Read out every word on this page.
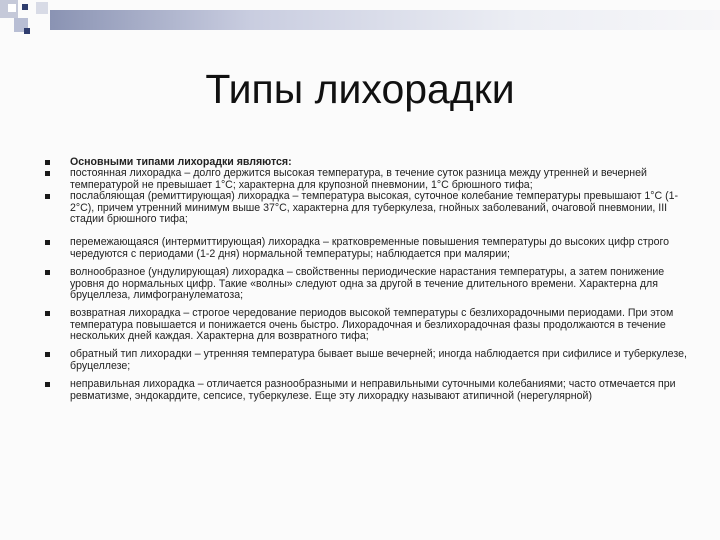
Типы лихорадки
Основными типами лихорадки являются:
постоянная лихорадка – долго держится высокая температура, в течение суток разница между утренней и вечерней температурой не превышает 1°С; характерна для крупозной пневмонии, 1°С брюшного тифа;
послабляющая (ремиттирующая) лихорадка – температура высокая, суточное колебание температуры превышают 1°С (1-2°С), причем утренний минимум выше 37°С, характерна для туберкулеза, гнойных заболеваний, очаговой пневмонии, III стадии брюшного тифа;
перемежающаяся (интермиттирующая) лихорадка – кратковременные повышения температуры до высоких цифр строго чередуются с периодами (1-2 дня) нормальной температуры; наблюдается при малярии;
волнообразное (ундулирующая) лихорадка – свойственны периодические нарастания температуры, а затем понижение уровня до нормальных цифр. Такие «волны» следуют одна за другой в течение длительного времени. Характерна для бруцеллеза, лимфогранулематоза;
возвратная лихорадка – строгое чередование периодов высокой температуры с безлихорадочными периодами. При этом температура повышается и понижается очень быстро. Лихорадочная и безлихорадочная фазы продолжаются в течение нескольких дней каждая. Характерна для возвратного тифа;
обратный тип лихорадки – утренняя температура бывает выше вечерней; иногда наблюдается при сифилисе и туберкулезе, бруцеллезе;
неправильная лихорадка – отличается разнообразными и неправильными суточными колебаниями; часто отмечается при ревматизме, эндокардите, сепсисе, туберкулезе. Еще эту лихорадку называют атипичной (нерегулярной)
